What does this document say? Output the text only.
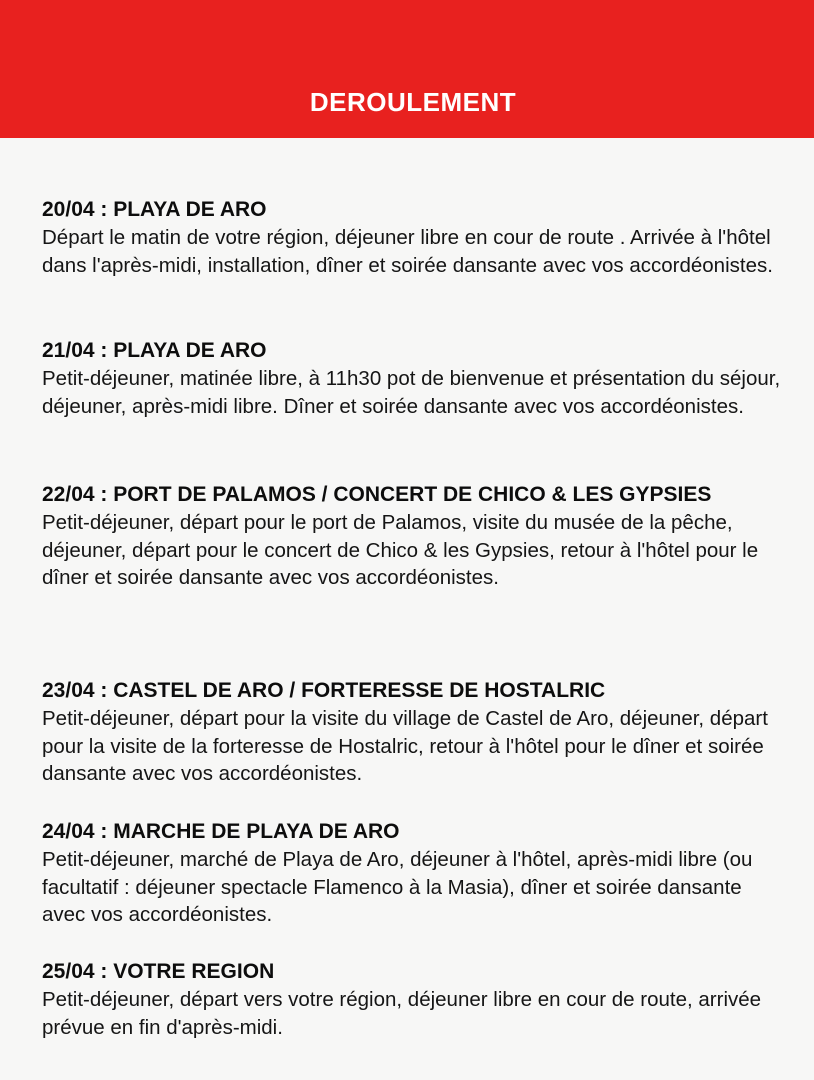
DEROULEMENT

20/04 : PLAYA DE ARO

Départ le matin de votre région, déjeuner libre en cour de route . Arrivée à l'hôtel dans l'après-midi, installation, dîner et soirée dansante avec vos accordéonistes.

21/04 : PLAYA DE ARO

Petit-déjeuner, matinée libre, à 11h30 pot de bienvenue et présentation du séjour, déjeuner, après-midi libre. Dîner et soirée dansante avec vos accordéonistes.

22/04 : PORT DE PALAMOS / CONCERT DE CHICO & LES GYPSIES

Petit-déjeuner, départ pour le port de Palamos, visite du musée de la pêche, déjeuner, départ pour le concert de Chico & les Gypsies, retour à l'hôtel pour le dîner et soirée dansante avec vos accordéonistes.

23/04 : CASTEL DE ARO / FORTERESSE DE HOSTALRIC

Petit-déjeuner, départ pour la visite du village de Castel de Aro, déjeuner, départ pour la visite de la forteresse de Hostalric, retour à l'hôtel pour le dîner et soirée dansante avec vos accordéonistes.

24/04 : MARCHE DE PLAYA DE ARO

Petit-déjeuner, marché de Playa de Aro, déjeuner à l'hôtel, après-midi libre (ou facultatif : déjeuner spectacle Flamenco à la Masia), dîner et soirée dansante avec vos accordéonistes.

25/04 : VOTRE REGION

Petit-déjeuner, départ vers votre région, déjeuner libre en cour de route, arrivée prévue en fin d'après-midi.
